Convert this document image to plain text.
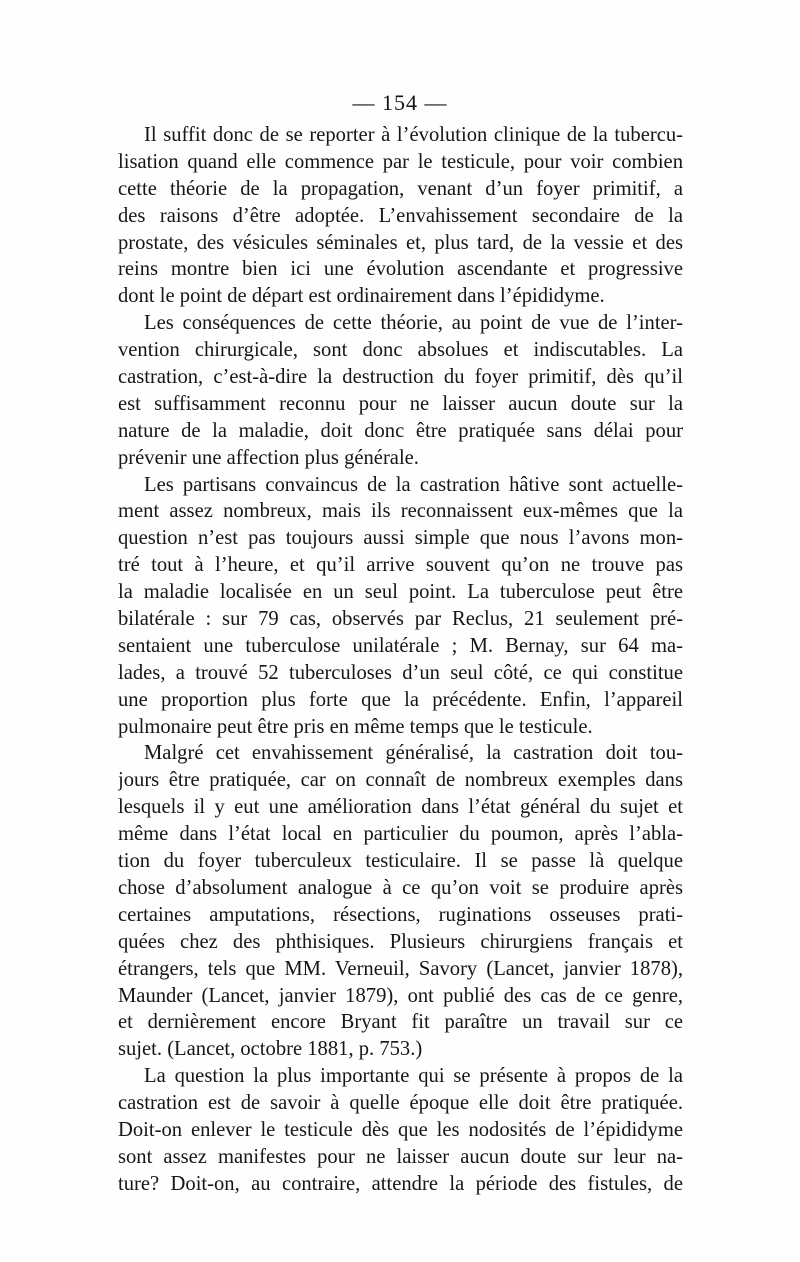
— 154 —
Il suffit donc de se reporter à l’évolution clinique de la tubercu-
lisation quand elle commence par le testicule, pour voir combien
cette théorie de la propagation, venant d’un foyer primitif, a
des raisons d’être adoptée. L’envahissement secondaire de la
prostate, des vésicules séminales et, plus tard, de la vessie et des
reins montre bien ici une évolution ascendante et progressive
dont le point de départ est ordinairement dans l’épididyme.
Les conséquences de cette théorie, au point de vue de l’inter-
vention chirurgicale, sont donc absolues et indiscutables. La
castration, c’est-à-dire la destruction du foyer primitif, dès qu’il
est suffisamment reconnu pour ne laisser aucun doute sur la
nature de la maladie, doit donc être pratiquée sans délai pour
prévenir une affection plus générale.
Les partisans convaincus de la castration hâtive sont actuelle-
ment assez nombreux, mais ils reconnaissent eux-mêmes que la
question n’est pas toujours aussi simple que nous l’avons mon-
tré tout à l’heure, et qu’il arrive souvent qu’on ne trouve pas
la maladie localisée en un seul point. La tuberculose peut être
bilatérale : sur 79 cas, observés par Reclus, 21 seulement pré-
sentaient une tuberculose unilatérale ; M. Bernay, sur 64 ma-
lades, a trouvé 52 tuberculoses d’un seul côté, ce qui constitue
une proportion plus forte que la précédente. Enfin, l’appareil
pulmonaire peut être pris en même temps que le testicule.
Malgré cet envahissement généralisé, la castration doit tou-
jours être pratiquée, car on connaît de nombreux exemples dans
lesquels il y eut une amélioration dans l’état général du sujet et
même dans l’état local en particulier du poumon, après l’abla-
tion du foyer tuberculeux testiculaire. Il se passe là quelque
chose d’absolument analogue à ce qu’on voit se produire après
certaines amputations, résections, ruginations osseuses prati-
quées chez des phthisiques. Plusieurs chirurgiens français et
étrangers, tels que MM. Verneuil, Savory (Lancet, janvier 1878),
Maunder (Lancet, janvier 1879), ont publié des cas de ce genre,
et dernièrement encore Bryant fit paraître un travail sur ce
sujet. (Lancet, octobre 1881, p. 753.)
La question la plus importante qui se présente à propos de la
castration est de savoir à quelle époque elle doit être pratiquée.
Doit-on enlever le testicule dès que les nodosités de l’épididyme
sont assez manifestes pour ne laisser aucun doute sur leur na-
ture? Doit-on, au contraire, attendre la période des fistules, de
